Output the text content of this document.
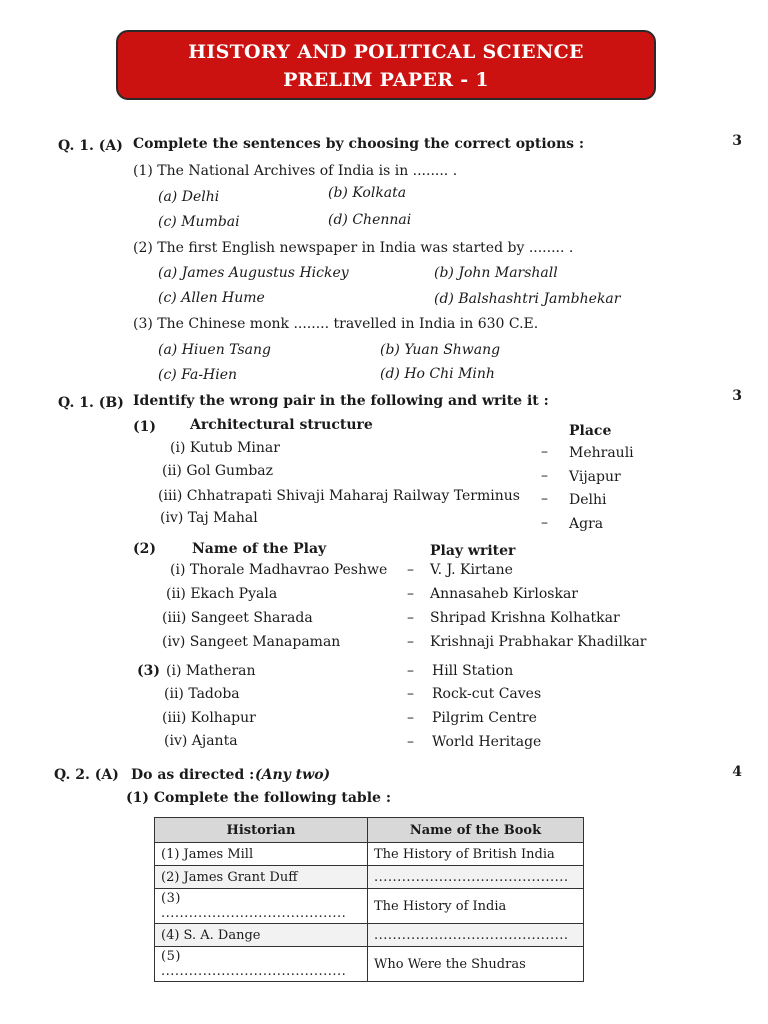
HISTORY AND POLITICAL SCIENCE
PRELIM PAPER - 1
Q. 1. (A) Complete the sentences by choosing the correct options :	3
(1) The National Archives of India is in ........ .
(a) Delhi	(b) Kolkata
(c) Mumbai	(d) Chennai
(2) The first English newspaper in India was started by ........ .
(a) James Augustus Hickey	(b) John Marshall
(c) Allen Hume	(d) Balshashtri Jambhekar
(3) The Chinese monk ........ travelled in India in 630 C.E.
(a) Hiuen Tsang	(b) Yuan Shwang
(c) Fa-Hien	(d) Ho Chi Minh
Q. 1. (B) Identify the wrong pair in the following and write it :	3
(1) Architectural structure	Place
(i) Kutub Minar	– Mehrauli
(ii) Gol Gumbaz	– Vijapur
(iii) Chhatrapati Shivaji Maharaj Railway Terminus – Delhi
(iv) Taj Mahal	– Agra
(2)	Name of the Play	Play writer
(i) Thorale Madhavrao Peshwe – V. J. Kirtane
(ii) Ekach Pyala	– Annasaheb Kirloskar
(iii) Sangeet Sharada	– Shripad Krishna Kolhatkar
(iv) Sangeet Manapaman	– Krishnaji Prabhakar Khadilkar
(3) (i) Matheran	– Hill Station
(ii) Tadoba	– Rock-cut Caves
(iii) Kolhapur	– Pilgrim Centre
(iv) Ajanta	– World Heritage
Q. 2. (A) Do as directed : (Any two)	4
(1) Complete the following table :
Historian	Name of the Book
(1) James Mill	The History of British India
(2) James Grant Duff	..........................................
(3) ........................................	The History of India
(4) S. A. Dange	..........................................
(5) ........................................	Who Were the Shudras
